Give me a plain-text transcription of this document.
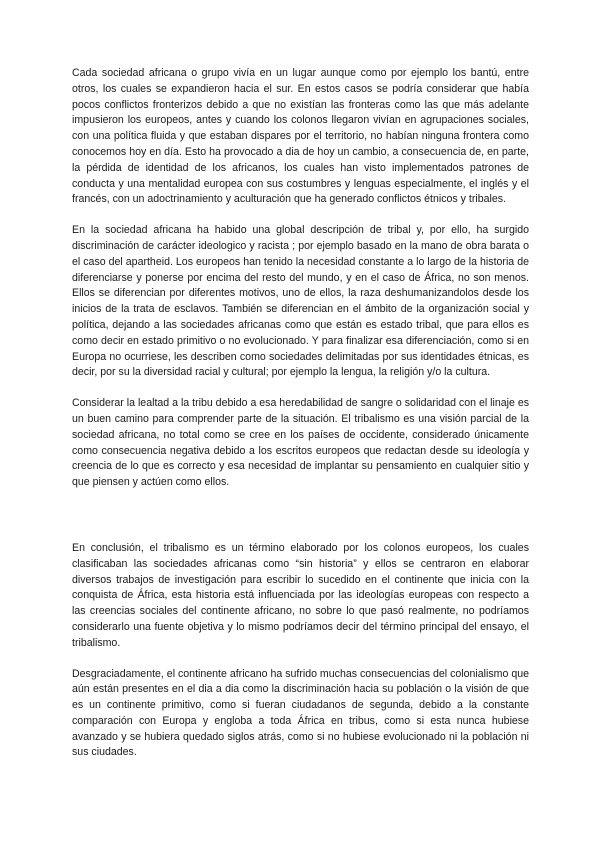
Cada sociedad africana o grupo vivía en un lugar aunque como por ejemplo los bantú, entre otros, los cuales se expandieron hacia el sur. En estos casos se podría considerar que había pocos conflictos fronterizos debido a que no existían las fronteras como las que más adelante impusieron los europeos, antes y cuando los colonos llegaron vivían en agrupaciones sociales, con una política fluida y que estaban dispares por el territorio, no habían ninguna frontera como conocemos hoy en día. Esto ha provocado a dia de hoy un cambio, a consecuencia de, en parte, la pérdida de identidad de los africanos, los cuales han visto implementados patrones de conducta y una mentalidad europea con sus costumbres y lenguas especialmente, el inglés y el francés, con un adoctrinamiento y aculturación que ha generado conflictos étnicos y tribales.

En la sociedad africana ha habido una global descripción de tribal y, por ello, ha surgido discriminación de carácter ideologico y racista ; por ejemplo basado en la mano de obra barata o el caso del apartheid. Los europeos han tenido la necesidad constante a lo largo de la historia de diferenciarse y ponerse por encima del resto del mundo, y en el caso de África, no son menos. Ellos se diferencian por diferentes motivos, uno de ellos, la raza deshumanizandolos desde los inicios de la trata de esclavos. También se diferencian en el ámbito de la organización social y política, dejando a las sociedades africanas como que están es estado tribal, que para ellos es como decir en estado primitivo o no evolucionado. Y para finalizar esa diferenciación, como si en Europa no ocurriese, les describen como sociedades delimitadas por sus identidades étnicas, es decir, por su la diversidad racial y cultural; por ejemplo la lengua, la religión y/o la cultura.

Considerar la lealtad a la tribu debido a esa heredabilidad de sangre o solidaridad con el linaje es un buen camino para comprender parte de la situación. El tribalismo es una visión parcial de la sociedad africana, no total como se cree en los países de occidente, considerado únicamente como consecuencia negativa debido a los escritos europeos que redactan desde su ideología y creencia de lo que es correcto y esa necesidad de implantar su pensamiento en cualquier sitio y que piensen y actúen como ellos.

En conclusión, el tribalismo es un término elaborado por los colonos europeos, los cuales clasificaban las sociedades africanas como “sin historia” y ellos se centraron en elaborar diversos trabajos de investigación para escribir lo sucedido en el continente que inicia con la conquista de África, esta historia está influenciada por las ideologías europeas con respecto a las creencias sociales del continente africano, no sobre lo que pasó realmente, no podríamos considerarlo una fuente objetiva y lo mismo podríamos decir del término principal del ensayo, el tribalismo.

Desgraciadamente, el continente africano ha sufrido muchas consecuencias del colonialismo que aún están presentes en el dia a dia como la discriminación hacia su población o la visión de que es un continente primitivo, como si fueran ciudadanos de segunda, debido a la constante comparación con Europa y engloba a toda África en tribus, como si esta nunca hubiese avanzado y se hubiera quedado siglos atrás, como si no hubiese evolucionado ni la población ni sus ciudades.
